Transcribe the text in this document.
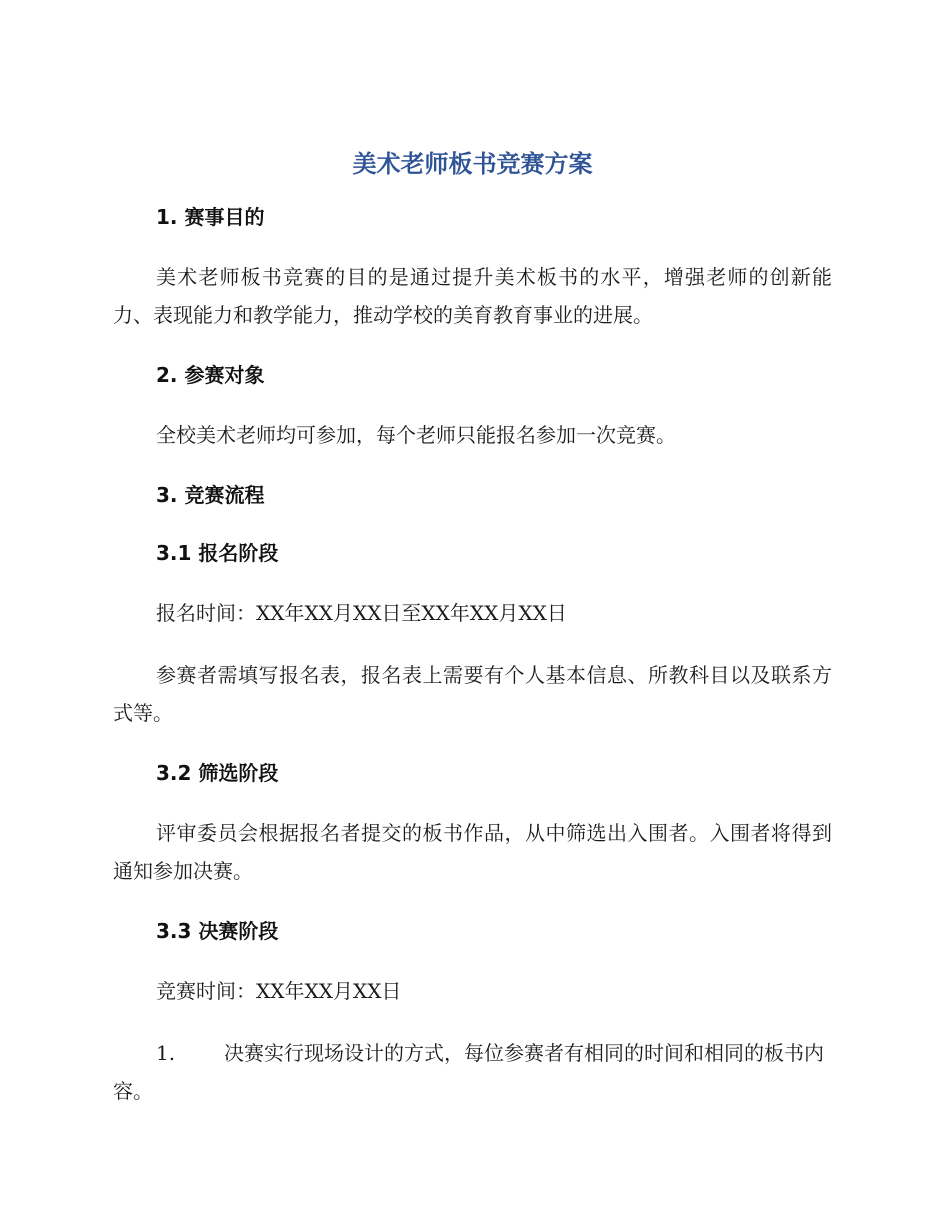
美术老师板书竞赛方案
1. 赛事目的

美术老师板书竞赛的目的是通过提升美术板书的水平，增强老师的创新能力、表现能力和教学能力，推动学校的美育教育事业的进展。

2. 参赛对象

全校美术老师均可参加，每个老师只能报名参加一次竞赛。

3. 竞赛流程
3.1 报名阶段

报名时间：XX年XX月XX日至XX年XX月XX日

参赛者需填写报名表，报名表上需要有个人基本信息、所教科目以及联系方式等。

3.2 筛选阶段

评审委员会根据报名者提交的板书作品，从中筛选出入围者。入围者将得到通知参加决赛。

3.3 决赛阶段

竞赛时间：XX年XX月XX日

1. 决赛实行现场设计的方式，每位参赛者有相同的时间和相同的板书内容。
